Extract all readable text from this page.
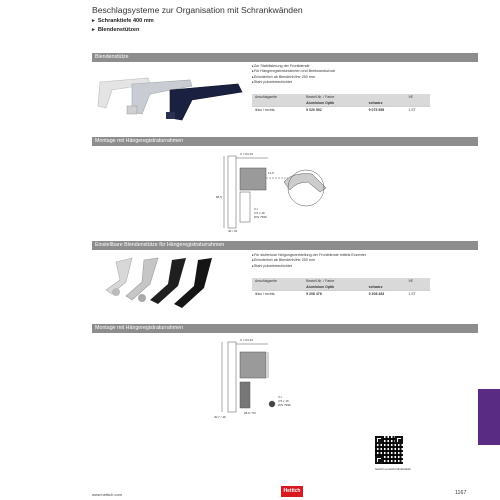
Beschlagsysteme zur Organisation mit Schrankwänden
▸ Schranktiefe 400 mm
▸ Blendenstützen
Blendenstütze
▸ Zur Stabilisierung der Frontblende
▸ Für Hängeregistraturrahmen und Breitwandschub
▸ Erforderlich ab Blendenhöhe 250 mm
▸ Stahl pulverbeschichtet
Anschlagseite	Bestell-Nr. / Farbe		VE
	Aluminium Optik	schwarz	
links / rechts	9 020 592	9 075 555	1 ST
Montage mit Hängeregistraturrahmen
X = 03,33
14,5
86,5
3 x
3,5 x 16
DIN 7996
40 / 34
Einstellbare Blendenstütze für Hängeregistraturrahmen
▸ Für stufenlose Neigungsverstellung der Frontblende mittels Exzenter
▸ Erforderlich ab Blendenhöhe 250 mm
▸ Stahl pulverbeschichtet
Anschlagseite	Bestell-Nr. / Farbe		VE
	Aluminium Optik	schwarz	
links / rechts	9 208 478	9 208 483	1 ST
Montage mit Hängeregistraturrahmen
X = 03,33
3 x
3,5 x 16
DIN 7996
30,7 / 46
28,6 / 53
hettich.com/shortlink/atdab
www.hettich.com
Hettich	1167
